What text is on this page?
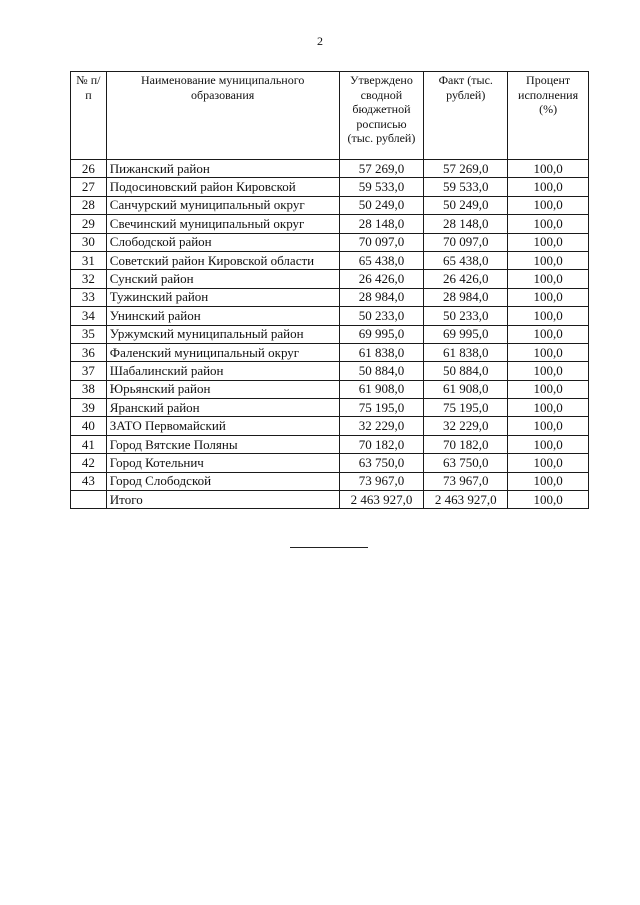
2
№ п/п	Наименование муниципального образования	Утверждено сводной бюджетной росписью (тыс. рублей)	Факт (тыс. рублей)	Процент исполнения (%)
26	Пижанский район	57 269,0	57 269,0	100,0
27	Подосиновский район Кировской	59 533,0	59 533,0	100,0
28	Санчурский муниципальный округ	50 249,0	50 249,0	100,0
29	Свечинский муниципальный округ	28 148,0	28 148,0	100,0
30	Слободской район	70 097,0	70 097,0	100,0
31	Советский район Кировской области	65 438,0	65 438,0	100,0
32	Сунский район	26 426,0	26 426,0	100,0
33	Тужинский район	28 984,0	28 984,0	100,0
34	Унинский район	50 233,0	50 233,0	100,0
35	Уржумский муниципальный район	69 995,0	69 995,0	100,0
36	Фаленский муниципальный округ	61 838,0	61 838,0	100,0
37	Шабалинский район	50 884,0	50 884,0	100,0
38	Юрьянский район	61 908,0	61 908,0	100,0
39	Яранский район	75 195,0	75 195,0	100,0
40	ЗАТО Первомайский	32 229,0	32 229,0	100,0
41	Город Вятские Поляны	70 182,0	70 182,0	100,0
42	Город Котельнич	63 750,0	63 750,0	100,0
43	Город Слободской	73 967,0	73 967,0	100,0
	Итого	2 463 927,0	2 463 927,0	100,0
